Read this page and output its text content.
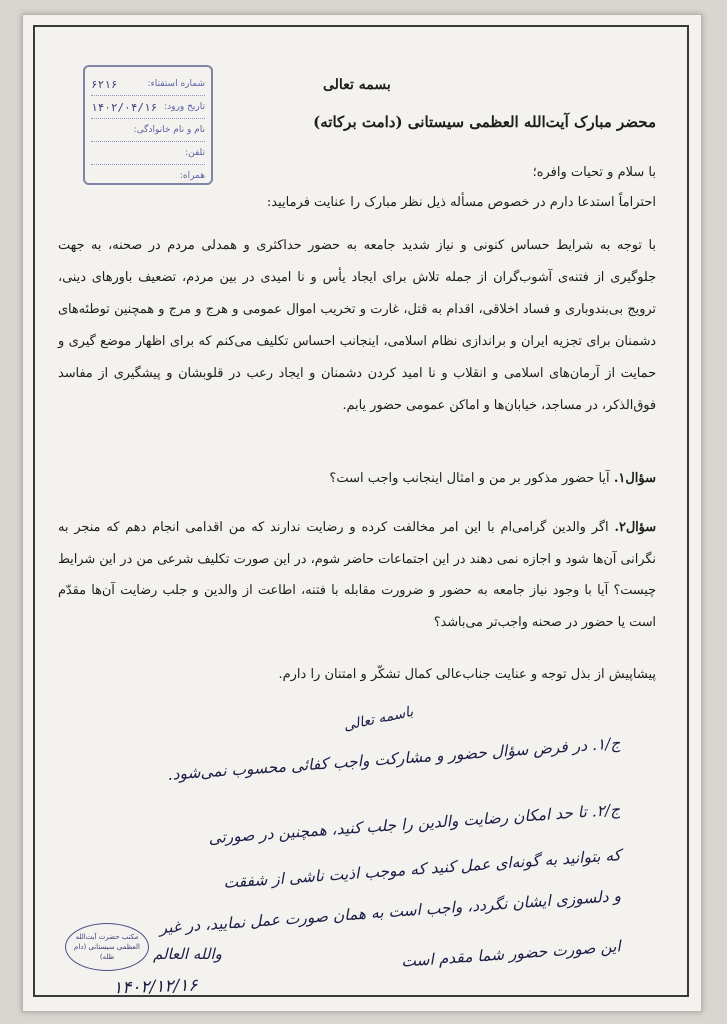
شماره استفتاء:
۶۲۱۶
تاریخ ورود:
۱۴۰۲/۰۴/۱۶
نام و نام خانوادگی:
تلفن:
همراه:
بسمه تعالی
محضر مبارک آیت‌الله العظمی سیستانی (دامت برکاته)
با سلام و تحیات وافره؛
احتراماً استدعا دارم در خصوص مسأله ذیل نظر مبارک را عنایت فرمایید:
با توجه به شرایط حساس کنونی و نیاز شدید جامعه به حضور حداکثری و همدلی مردم در صحنه، به جهت جلوگیری از فتنه‌ی آشوب‌گران از جمله تلاش برای ایجاد یأس و نا امیدی در بین مردم، تضعیف باورهای دینی، ترویج بی‌بندوباری و فساد اخلاقی، اقدام به قتل، غارت و تخریب اموال عمومی و هرج و مرج و همچنین توطئه‌های دشمنان برای تجزیه ایران و براندازی نظام اسلامی، اینجانب احساس تکلیف می‌کنم که برای اظهار موضع گیری و حمایت از آرمان‌های اسلامی و انقلاب و نا امید کردن دشمنان و ایجاد رعب در قلوبشان و پیشگیری از مفاسد فوق‌الذکر، در مساجد، خیابان‌ها و اماکن عمومی حضور یابم.
سؤال۱. آیا حضور مذکور بر من و امثال اینجانب واجب است؟
سؤال۲. اگر والدین گرامی‌ام با این امر مخالفت کرده و رضایت ندارند که من اقدامی انجام دهم که منجر به نگرانی آن‌ها شود و اجازه نمی دهند در این اجتماعات حاضر شوم، در این صورت تکلیف شرعی من در این شرایط چیست؟ آیا با وجود نیاز جامعه به حضور و ضرورت مقابله با فتنه، اطاعت از والدین و جلب رضایت آن‌ها مقدّم است یا حضور در صحنه واجب‌تر می‌باشد؟
پیشاپیش از بذل توجه و عنایت جناب‌عالی کمال تشکّر و امتنان را دارم.
باسمه تعالی
ج/۱. در فرض سؤال حضور و مشارکت واجب کفائی محسوب نمی‌شود.
ج/۲. تا حد امکان رضایت والدین را جلب کنید، همچنین در صورتی
که بتوانید به گونه‌ای عمل کنید که موجب اذیت ناشی از شفقت
و دلسوزی ایشان نگردد، واجب است به همان صورت عمل نمایید، در غیر
این صورت حضور شما مقدم است
والله العالم
مکتب حضرت آیت‌الله العظمی سیستانی (دام ظله)
۱۴۰۲/۱۲/۱۶
